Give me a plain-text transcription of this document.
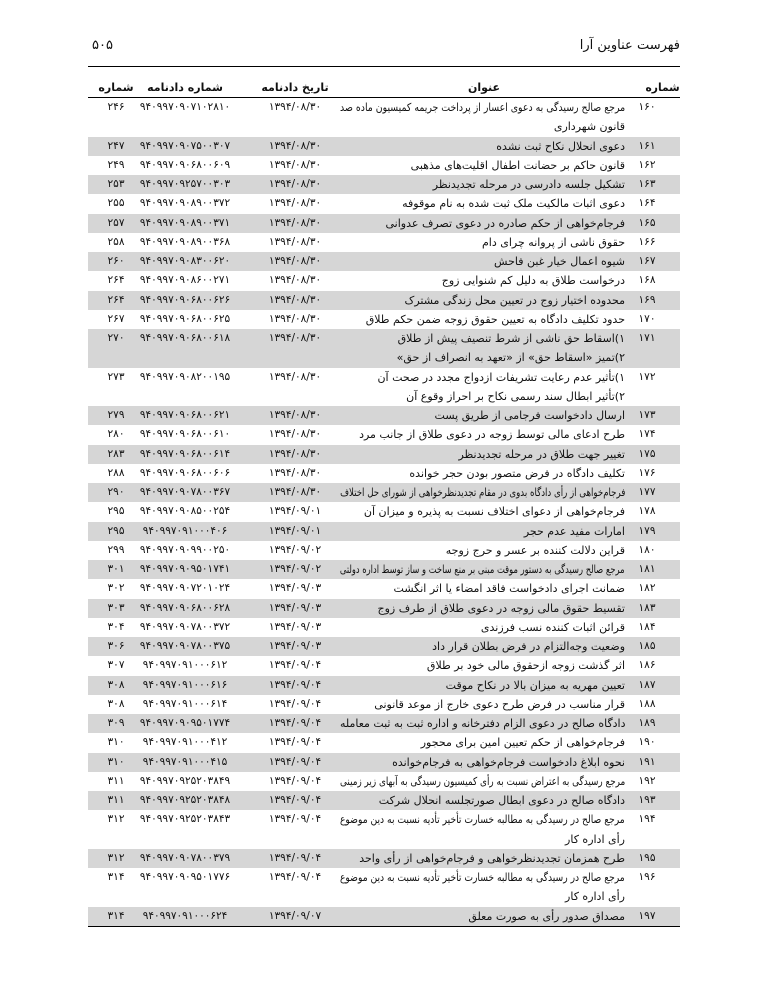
فهرست عناوین آرا
۵۰۵
شماره
عنوان
تاریخ دادنامه
شماره دادنامه
شماره
۱۶۰
مرجع صالح رسیدگی به دعوی اعسار از پرداخت جریمه کمیسیون ماده صد
قانون شهرداری
۱۳۹۴/۰۸/۳۰
۹۴۰۹۹۷۰۹۰۷۱۰۲۸۱۰
۲۴۶
۱۶۱
دعوی انحلال نکاح ثبت نشده
۱۳۹۴/۰۸/۳۰
۹۴۰۹۹۷۰۹۰۷۵۰۰۳۰۷
۲۴۷
۱۶۲
قانون حاکم بر حضانت اطفال اقلیت‌های مذهبی
۱۳۹۴/۰۸/۳۰
۹۴۰۹۹۷۰۹۰۶۸۰۰۶۰۹
۲۴۹
۱۶۳
تشکیل جلسه دادرسی در مرحله تجدیدنظر
۱۳۹۴/۰۸/۳۰
۹۴۰۹۹۷۰۹۲۵۷۰۰۳۰۳
۲۵۳
۱۶۴
دعوی اثبات مالکیت ملک ثبت شده به نام موقوفه
۱۳۹۴/۰۸/۳۰
۹۴۰۹۹۷۰۹۰۸۹۰۰۳۷۲
۲۵۵
۱۶۵
فرجام‌خواهی از حکم صادره در دعوی تصرف عدوانی
۱۳۹۴/۰۸/۳۰
۹۴۰۹۹۷۰۹۰۸۹۰۰۳۷۱
۲۵۷
۱۶۶
حقوق ناشی از پروانه چرای دام
۱۳۹۴/۰۸/۳۰
۹۴۰۹۹۷۰۹۰۸۹۰۰۳۶۸
۲۵۸
۱۶۷
شیوه اعمال خیار غبن فاحش
۱۳۹۴/۰۸/۳۰
۹۴۰۹۹۷۰۹۰۸۳۰۰۶۲۰
۲۶۰
۱۶۸
درخواست طلاق به دلیل کم شنوایی زوج
۱۳۹۴/۰۸/۳۰
۹۴۰۹۹۷۰۹۰۸۶۰۰۲۷۱
۲۶۴
۱۶۹
محدوده اختیار زوج در تعیین محل زندگی مشترک
۱۳۹۴/۰۸/۳۰
۹۴۰۹۹۷۰۹۰۶۸۰۰۶۲۶
۲۶۴
۱۷۰
حدود تکلیف دادگاه به تعیین حقوق زوجه ضمن حکم طلاق
۱۳۹۴/۰۸/۳۰
۹۴۰۹۹۷۰۹۰۶۸۰۰۶۲۵
۲۶۷
۱۷۱
۱)اسقاط حق ناشی از شرط تنصیف پیش از طلاق
۲)تمیز «اسقاط حق» از «تعهد به انصراف از حق»
۱۳۹۴/۰۸/۳۰
۹۴۰۹۹۷۰۹۰۶۸۰۰۶۱۸
۲۷۰
۱۷۲
۱)تأثیر عدم رعایت تشریفات ازدواج مجدد در صحت آن
۲)تأثیر ابطال سند رسمی نکاح بر احراز وقوع آن
۱۳۹۴/۰۸/۳۰
۹۴۰۹۹۷۰۹۰۸۲۰۰۱۹۵
۲۷۳
۱۷۳
ارسال دادخواست فرجامی از طریق پست
۱۳۹۴/۰۸/۳۰
۹۴۰۹۹۷۰۹۰۶۸۰۰۶۲۱
۲۷۹
۱۷۴
طرح ادعای مالی توسط زوجه در دعوی طلاق از جانب مرد
۱۳۹۴/۰۸/۳۰
۹۴۰۹۹۷۰۹۰۶۸۰۰۶۱۰
۲۸۰
۱۷۵
تغییر جهت طلاق در مرحله تجدیدنظر
۱۳۹۴/۰۸/۳۰
۹۴۰۹۹۷۰۹۰۶۸۰۰۶۱۴
۲۸۳
۱۷۶
تکلیف دادگاه در فرض متصور بودن حجر خوانده
۱۳۹۴/۰۸/۳۰
۹۴۰۹۹۷۰۹۰۶۸۰۰۶۰۶
۲۸۸
۱۷۷
فرجام‌خواهی از رأی دادگاه بدوی در مقام تجدیدنظرخواهی از شورای حل اختلاف
۱۳۹۴/۰۸/۳۰
۹۴۰۹۹۷۰۹۰۷۸۰۰۳۶۷
۲۹۰
۱۷۸
فرجام‌خواهی از دعوای اختلاف نسبت به پذیره و میزان آن
۱۳۹۴/۰۹/۰۱
۹۴۰۹۹۷۰۹۰۸۵۰۰۲۵۴
۲۹۵
۱۷۹
امارات مفید عدم حجر
۱۳۹۴/۰۹/۰۱
۹۴۰۹۹۷۰۹۱۰۰۰۴۰۶
۲۹۵
۱۸۰
قراین دلالت کننده بر عسر و حرج زوجه
۱۳۹۴/۰۹/۰۲
۹۴۰۹۹۷۰۹۰۹۹۰۰۲۵۰
۲۹۹
۱۸۱
مرجع صالح رسیدگی به دستور موقت مبنی بر منع ساخت و ساز توسط اداره دولتی
۱۳۹۴/۰۹/۰۲
۹۴۰۹۹۷۰۹۰۹۵۰۱۷۴۱
۳۰۱
۱۸۲
ضمانت اجرای دادخواست فاقد امضاء یا اثر انگشت
۱۳۹۴/۰۹/۰۳
۹۴۰۹۹۷۰۹۰۷۲۰۱۰۲۴
۳۰۲
۱۸۳
تقسیط حقوق مالی زوجه در دعوی طلاق از طرف زوج
۱۳۹۴/۰۹/۰۳
۹۴۰۹۹۷۰۹۰۶۸۰۰۶۲۸
۳۰۳
۱۸۴
قرائن اثبات کننده نسب فرزندی
۱۳۹۴/۰۹/۰۳
۹۴۰۹۹۷۰۹۰۷۸۰۰۳۷۲
۳۰۴
۱۸۵
وضعیت وجه‌التزام در فرض بطلان قرار داد
۱۳۹۴/۰۹/۰۳
۹۴۰۹۹۷۰۹۰۷۸۰۰۳۷۵
۳۰۶
۱۸۶
اثر گذشت زوجه ازحقوق مالی خود بر طلاق
۱۳۹۴/۰۹/۰۴
۹۴۰۹۹۷۰۹۱۰۰۰۶۱۲
۳۰۷
۱۸۷
تعیین مهریه به میزان بالا در نکاح موقت
۱۳۹۴/۰۹/۰۴
۹۴۰۹۹۷۰۹۱۰۰۰۶۱۶
۳۰۸
۱۸۸
قرار مناسب در فرض طرح دعوی خارج از موعد قانونی
۱۳۹۴/۰۹/۰۴
۹۴۰۹۹۷۰۹۱۰۰۰۶۱۴
۳۰۸
۱۸۹
دادگاه صالح در دعوی الزام دفترخانه و اداره ثبت به ثبت معامله
۱۳۹۴/۰۹/۰۴
۹۴۰۹۹۷۰۹۰۹۵۰۱۷۷۴
۳۰۹
۱۹۰
فرجام‌خواهی از حکم تعیین امین برای محجور
۱۳۹۴/۰۹/۰۴
۹۴۰۹۹۷۰۹۱۰۰۰۴۱۲
۳۱۰
۱۹۱
نحوه ابلاغ دادخواست فرجام‌خواهی به فرجام‌خوانده
۱۳۹۴/۰۹/۰۴
۹۴۰۹۹۷۰۹۱۰۰۰۴۱۵
۳۱۰
۱۹۲
مرجع رسیدگی به اعتراض نسبت به رأی کمیسیون رسیدگی به آبهای زیر زمینی
۱۳۹۴/۰۹/۰۴
۹۴۰۹۹۷۰۹۲۵۲۰۳۸۴۹
۳۱۱
۱۹۳
دادگاه صالح در دعوی ابطال صورتجلسه انحلال شرکت
۱۳۹۴/۰۹/۰۴
۹۴۰۹۹۷۰۹۲۵۲۰۳۸۴۸
۳۱۱
۱۹۴
مرجع صالح در رسیدگی به مطالبه خسارت تأخیر تأدیه نسبت به دین موضوع
رأی اداره کار
۱۳۹۴/۰۹/۰۴
۹۴۰۹۹۷۰۹۲۵۲۰۳۸۴۳
۳۱۲
۱۹۵
طرح همزمان تجدیدنظرخواهی و فرجام‌خواهی از رأی واحد
۱۳۹۴/۰۹/۰۴
۹۴۰۹۹۷۰۹۰۷۸۰۰۳۷۹
۳۱۲
۱۹۶
مرجع صالح در رسیدگی به مطالبه خسارت تأخیر تأدیه نسبت به دین موضوع
رأی اداره کار
۱۳۹۴/۰۹/۰۴
۹۴۰۹۹۷۰۹۰۹۵۰۱۷۷۶
۳۱۴
۱۹۷
مصداق صدور رأی به صورت معلق
۱۳۹۴/۰۹/۰۷
۹۴۰۹۹۷۰۹۱۰۰۰۶۲۴
۳۱۴
